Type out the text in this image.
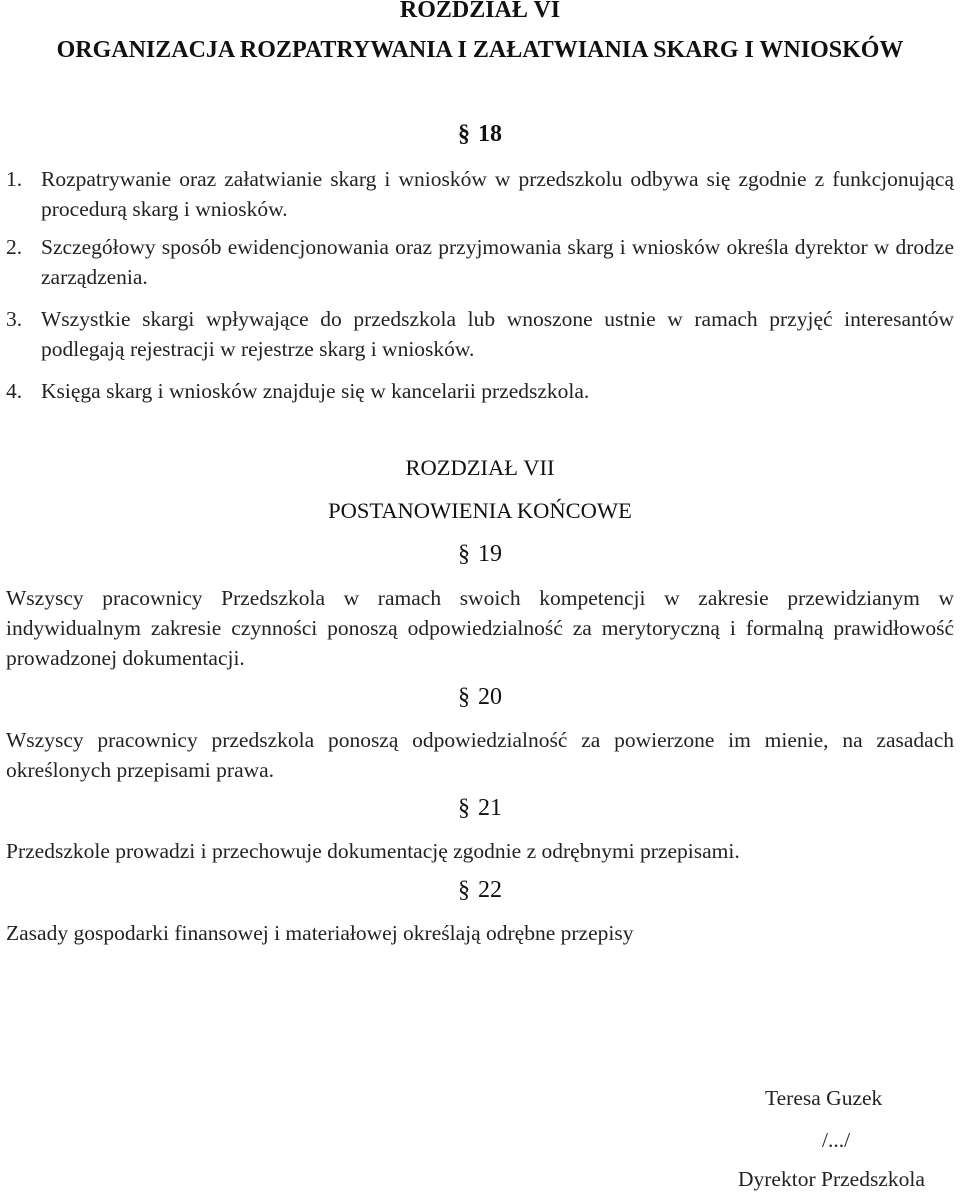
ROZDZIAŁ VI
ORGANIZACJA ROZPATRYWANIA I ZAŁATWIANIA SKARG I WNIOSKÓW
§ 18
1. Rozpatrywanie oraz załatwianie skarg i wniosków w przedszkolu odbywa się zgodnie z funkcjonującą procedurą skarg i wniosków.
2. Szczegółowy sposób ewidencjonowania oraz przyjmowania skarg i wniosków określa dyrektor w drodze zarządzenia.
3. Wszystkie skargi wpływające do przedszkola lub wnoszone ustnie w ramach przyjęć interesantów podlegają rejestracji w rejestrze skarg i wniosków.
4. Księga skarg i wniosków znajduje się w kancelarii przedszkola.
ROZDZIAŁ VII
POSTANOWIENIA KOŃCOWE
§ 19
Wszyscy pracownicy Przedszkola w ramach swoich kompetencji w zakresie przewidzianym w indywidualnym zakresie czynności ponoszą odpowiedzialność za merytoryczną i formalną prawidłowość prowadzonej dokumentacji.
§ 20
Wszyscy pracownicy przedszkola ponoszą odpowiedzialność za powierzone im mienie, na zasadach określonych przepisami prawa.
§ 21
Przedszkole prowadzi i przechowuje dokumentację zgodnie z odrębnymi przepisami.
§ 22
Zasady gospodarki finansowej i materiałowej określają odrębne przepisy
Teresa Guzek
/.../
Dyrektor Przedszkola
